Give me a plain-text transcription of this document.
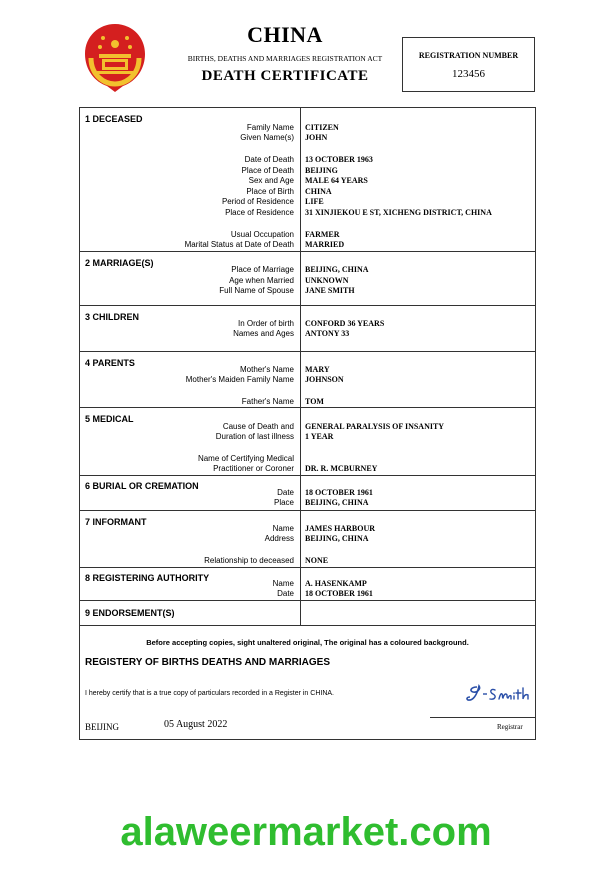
CHINA
BIRTHS, DEATHS AND MARRIAGES REGISTRATION ACT
DEATH CERTIFICATE
REGISTRATION NUMBER
123456
1 DECEASED
Family Name CITIZEN
Given Name(s) JOHN
Date of Death 13 OCTOBER 1963
Place of Death BEIJING
Sex and Age MALE 64 YEARS
Place of Birth CHINA
Period of Residence LIFE
Place of Residence 31 XINJIEKOU E ST, XICHENG DISTRICT, CHINA
Usual Occupation FARMER
Marital Status at Date of Death MARRIED
2 MARRIAGE(S)
Place of Marriage BEIJING, CHINA
Age when Married UNKNOWN
Full Name of Spouse JANE SMITH
3 CHILDREN
In Order of birth CONFORD 36 YEARS
Names and Ages ANTONY 33
4 PARENTS
Mother's Name MARY
Mother's Maiden Family Name JOHNSON
Father's Name TOM
5 MEDICAL
Cause of Death and GENERAL PARALYSIS OF INSANITY
Duration of last illness 1 YEAR
Name of Certifying Medical
Practitioner or Coroner DR. R. MCBURNEY
6 BURIAL OR CREMATION
Date 18 OCTOBER 1961
Place BEIJING, CHINA
7 INFORMANT
Name JAMES HARBOUR
Address BEIJING, CHINA
Relationship to deceased NONE
8 REGISTERING AUTHORITY
Name A. HASENKAMP
Date 18 OCTOBER 1961
9 ENDORSEMENT(S)
Before accepting copies, sight unaltered original, The original has a coloured background.
REGISTERY OF BIRTHS DEATHS AND MARRIAGES
I hereby certify that is a true copy of particulars recorded in a Register in CHINA.
BEIJING	05 August 2022	Registrar
alaweermarket.com
